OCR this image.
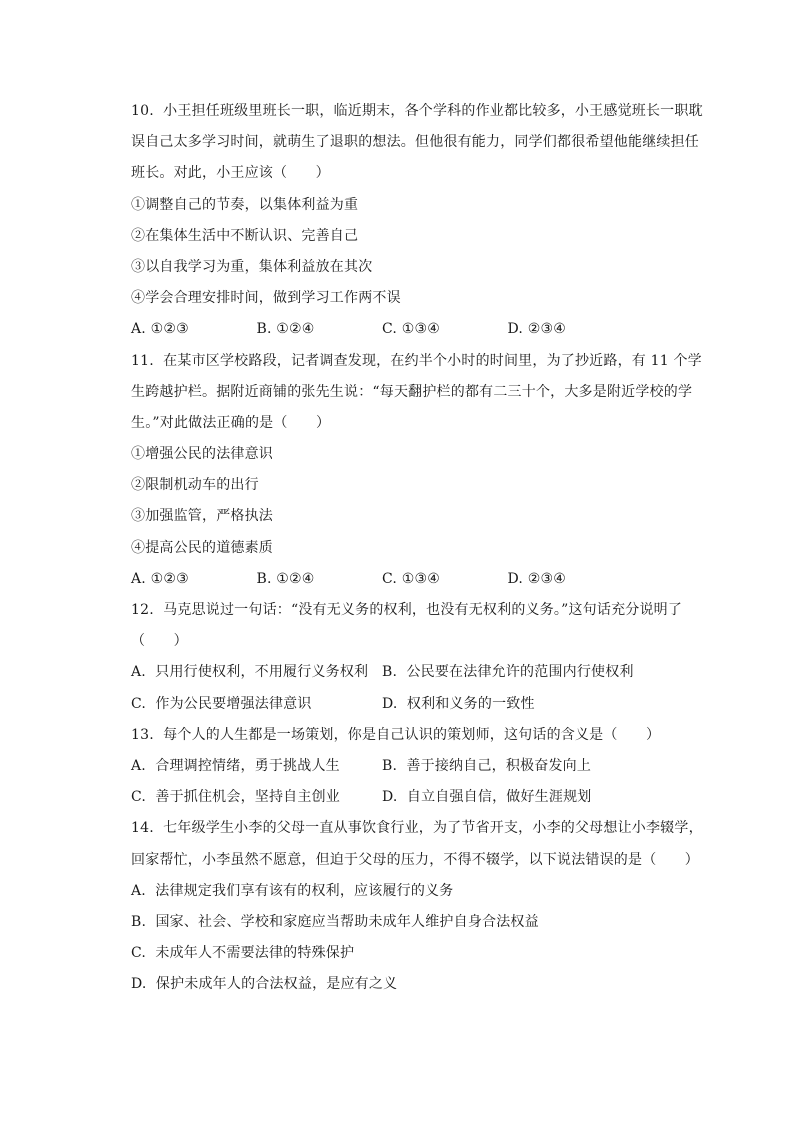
10.  小王担任班级里班长一职，临近期末，各个学科的作业都比较多，小王感觉班长一职耽
误自己太多学习时间，就萌生了退职的想法。但他很有能力，同学们都很希望他能继续担任
班长。对此，小王应该（　　）
①调整自己的节奏，以集体利益为重
②在集体生活中不断认识、完善自己
③以自我学习为重，集体利益放在其次
④学会合理安排时间，做到学习工作两不误
A. ①②③	B. ①②④	C. ①③④	D. ②③④
11.  在某市区学校路段，记者调查发现，在约半个小时的时间里，为了抄近路，有 11 个学
生跨越护栏。据附近商铺的张先生说：“每天翻护栏的都有二三十个，大多是附近学校的学
生。”对此做法正确的是（　　）
①增强公民的法律意识
②限制机动车的出行
③加强监管，严格执法
④提高公民的道德素质
A. ①②③	B. ①②④	C. ①③④	D. ②③④
12.  马克思说过一句话：“没有无义务的权利，也没有无权利的义务。”这句话充分说明了
（　　）
A.  只用行使权利，不用履行义务权利 B.  公民要在法律允许的范围内行使权利
C.  作为公民要增强法律意识	D.  权利和义务的一致性
13.  每个人的人生都是一场策划，你是自己认识的策划师，这句话的含义是（　　）
A.  合理调控情绪，勇于挑战人生	B.  善于接纳自己，积极奋发向上
C.  善于抓住机会，坚持自主创业	D.  自立自强自信，做好生涯规划
14.  七年级学生小李的父母一直从事饮食行业，为了节省开支，小李的父母想让小李辍学，
回家帮忙，小李虽然不愿意，但迫于父母的压力，不得不辍学，以下说法错误的是（　　）
A.  法律规定我们享有该有的权利，应该履行的义务
B.  国家、社会、学校和家庭应当帮助未成年人维护自身合法权益
C.  未成年人不需要法律的特殊保护
D.  保护未成年人的合法权益，是应有之义
